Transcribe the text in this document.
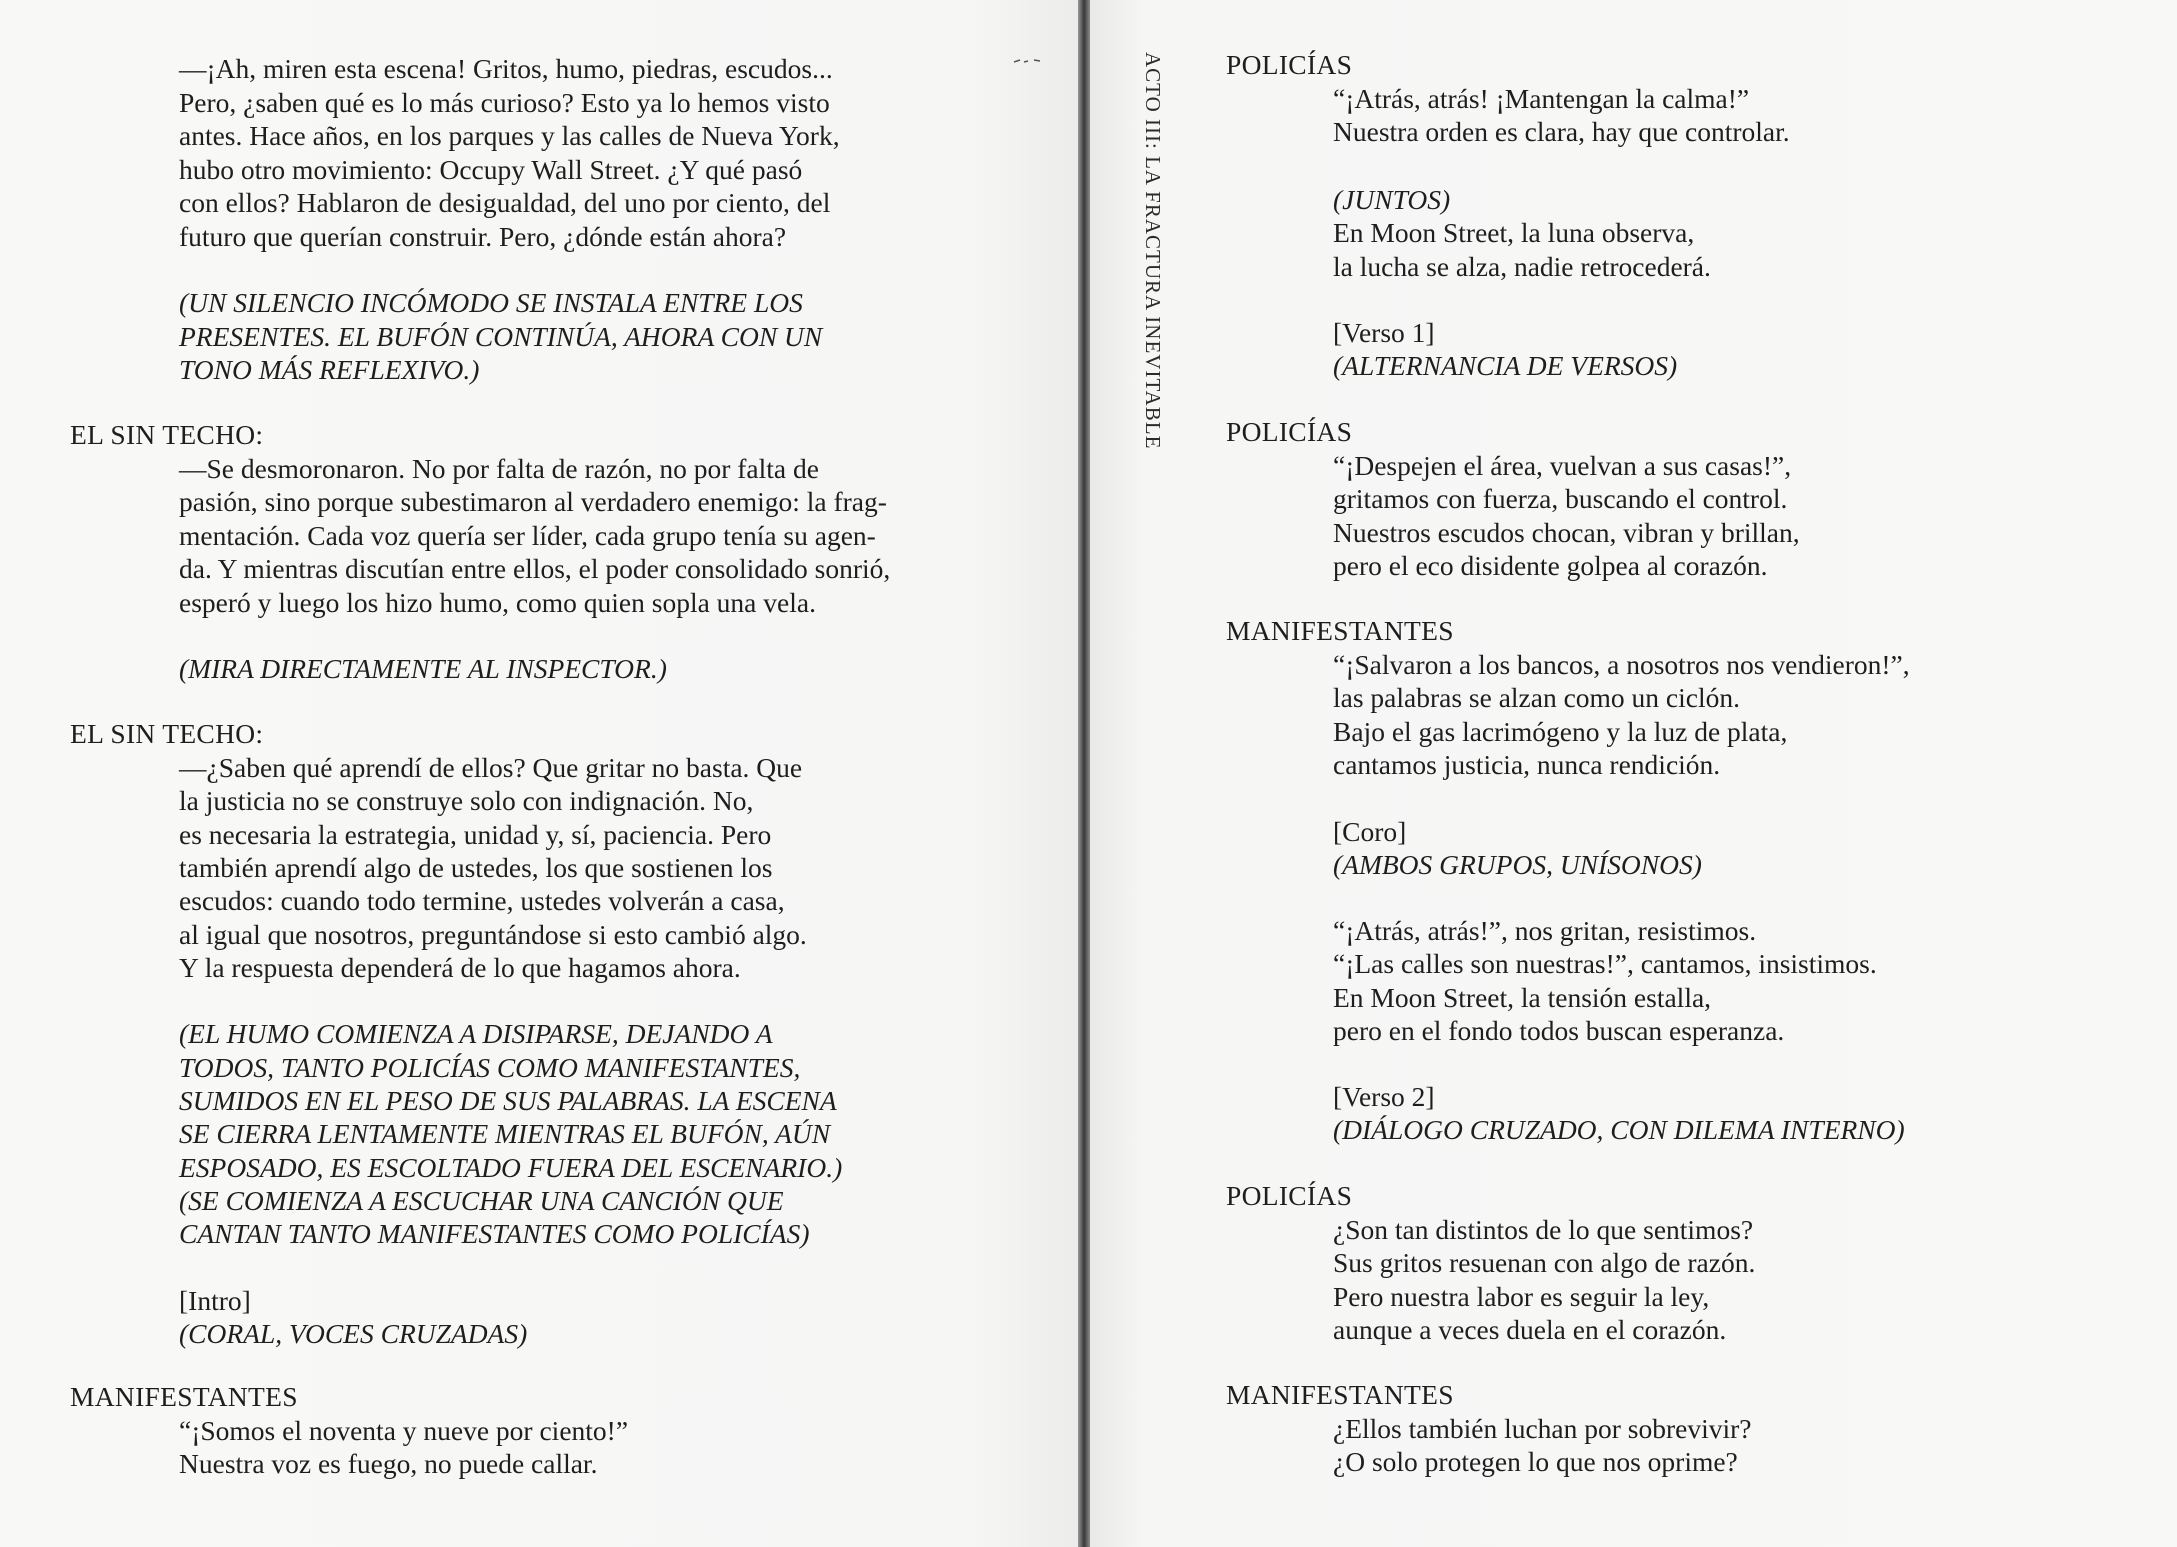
—¡Ah, miren esta escena! Gritos, humo, piedras, escudos...
Pero, ¿saben qué es lo más curioso? Esto ya lo hemos visto
antes. Hace años, en los parques y las calles de Nueva York,
hubo otro movimiento: Occupy Wall Street. ¿Y qué pasó
con ellos? Hablaron de desigualdad, del uno por ciento, del
futuro que querían construir. Pero, ¿dónde están ahora?
(UN SILENCIO INCÓMODO SE INSTALA ENTRE LOS
PRESENTES. EL BUFÓN CONTINÚA, AHORA CON UN
TONO MÁS REFLEXIVO.)
EL SIN TECHO:
—Se desmoronaron. No por falta de razón, no por falta de
pasión, sino porque subestimaron al verdadero enemigo: la frag-
mentación. Cada voz quería ser líder, cada grupo tenía su agen-
da. Y mientras discutían entre ellos, el poder consolidado sonrió,
esperó y luego los hizo humo, como quien sopla una vela.
(MIRA DIRECTAMENTE AL INSPECTOR.)
EL SIN TECHO:
—¿Saben qué aprendí de ellos? Que gritar no basta. Que
la justicia no se construye solo con indignación. No,
es necesaria la estrategia, unidad y, sí, paciencia. Pero
también aprendí algo de ustedes, los que sostienen los
escudos: cuando todo termine, ustedes volverán a casa,
al igual que nosotros, preguntándose si esto cambió algo.
Y la respuesta dependerá de lo que hagamos ahora.
(EL HUMO COMIENZA A DISIPARSE, DEJANDO A
TODOS, TANTO POLICÍAS COMO MANIFESTANTES,
SUMIDOS EN EL PESO DE SUS PALABRAS. LA ESCENA
SE CIERRA LENTAMENTE MIENTRAS EL BUFÓN, AÚN
ESPOSADO, ES ESCOLTADO FUERA DEL ESCENARIO.)
(SE COMIENZA A ESCUCHAR UNA CANCIÓN QUE
CANTAN TANTO MANIFESTANTES COMO POLICÍAS)
[Intro]
(CORAL, VOCES CRUZADAS)
MANIFESTANTES
“¡Somos el noventa y nueve por ciento!”
Nuestra voz es fuego, no puede callar.
POLICÍAS
“¡Atrás, atrás! ¡Mantengan la calma!”
Nuestra orden es clara, hay que controlar.
(JUNTOS)
En Moon Street, la luna observa,
la lucha se alza, nadie retrocederá.
[Verso 1]
(ALTERNANCIA DE VERSOS)
POLICÍAS
“¡Despejen el área, vuelvan a sus casas!”,
gritamos con fuerza, buscando el control.
Nuestros escudos chocan, vibran y brillan,
pero el eco disidente golpea al corazón.
MANIFESTANTES
“¡Salvaron a los bancos, a nosotros nos vendieron!”,
las palabras se alzan como un ciclón.
Bajo el gas lacrimógeno y la luz de plata,
cantamos justicia, nunca rendición.
[Coro]
(AMBOS GRUPOS, UNÍSONOS)
“¡Atrás, atrás!”, nos gritan, resistimos.
“¡Las calles son nuestras!”, cantamos, insistimos.
En Moon Street, la tensión estalla,
pero en el fondo todos buscan esperanza.
[Verso 2]
(DIÁLOGO CRUZADO, CON DILEMA INTERNO)
POLICÍAS
¿Son tan distintos de lo que sentimos?
Sus gritos resuenan con algo de razón.
Pero nuestra labor es seguir la ley,
aunque a veces duela en el corazón.
MANIFESTANTES
¿Ellos también luchan por sobrevivir?
¿O solo protegen lo que nos oprime?
ACTO III: LA FRACTURA INEVITABLE
